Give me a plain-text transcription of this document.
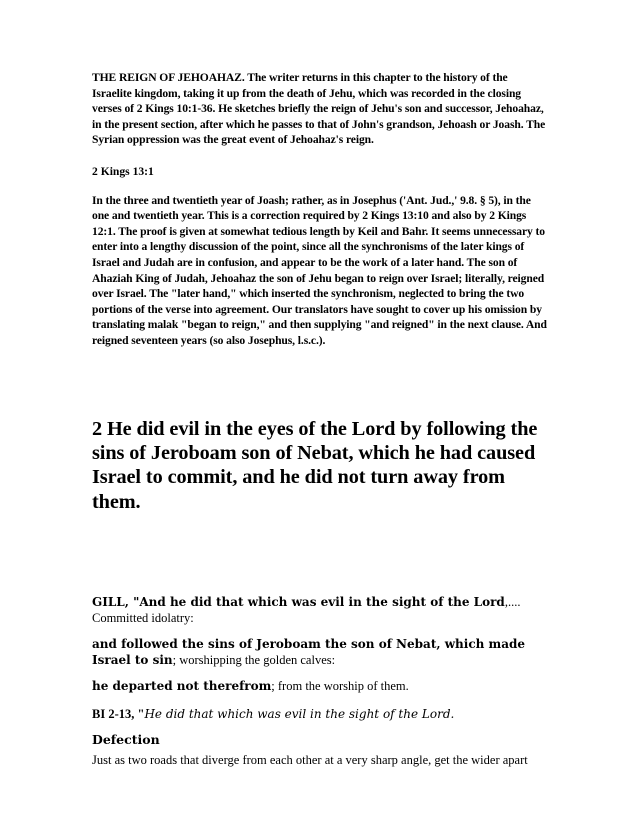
THE REIGN OF JEHOAHAZ. The writer returns in this chapter to the history of the Israelite kingdom, taking it up from the death of Jehu, which was recorded in the closing verses of 2 Kings 10:1-36. He sketches briefly the reign of Jehu's son and successor, Jehoahaz, in the present section, after which he passes to that of John's grandson, Jehoash or Joash. The Syrian oppression was the great event of Jehoahaz's reign.

2 Kings 13:1

In the three and twentieth year of Joash; rather, as in Josephus ('Ant. Jud.,' 9.8. § 5), in the one and twentieth year. This is a correction required by 2 Kings 13:10 and also by 2 Kings 12:1. The proof is given at somewhat tedious length by Keil and Bahr. It seems unnecessary to enter into a lengthy discussion of the point, since all the synchronisms of the later kings of Israel and Judah are in confusion, and appear to be the work of a later hand. The son of Ahaziah King of Judah, Jehoahaz the son of Jehu began to reign over Israel; literally, reigned over Israel. The "later hand," which inserted the synchronism, neglected to bring the two portions of the verse into agreement. Our translators have sought to cover up his omission by translating malak "began to reign," and then supplying "and reigned" in the next clause. And reigned seventeen years (so also Josephus, l.s.c.).

2 He did evil in the eyes of the Lord by following the sins of Jeroboam son of Nebat, which he had caused Israel to commit, and he did not turn away from them.

GILL, "And he did that which was evil in the sight of the Lord,.... Committed idolatry:

and followed the sins of Jeroboam the son of Nebat, which made Israel to sin; worshipping the golden calves:

he departed not therefrom; from the worship of them.

BI 2-13, "He did that which was evil in the sight of the Lord.

Defection

Just as two roads that diverge from each other at a very sharp angle, get the wider apart
